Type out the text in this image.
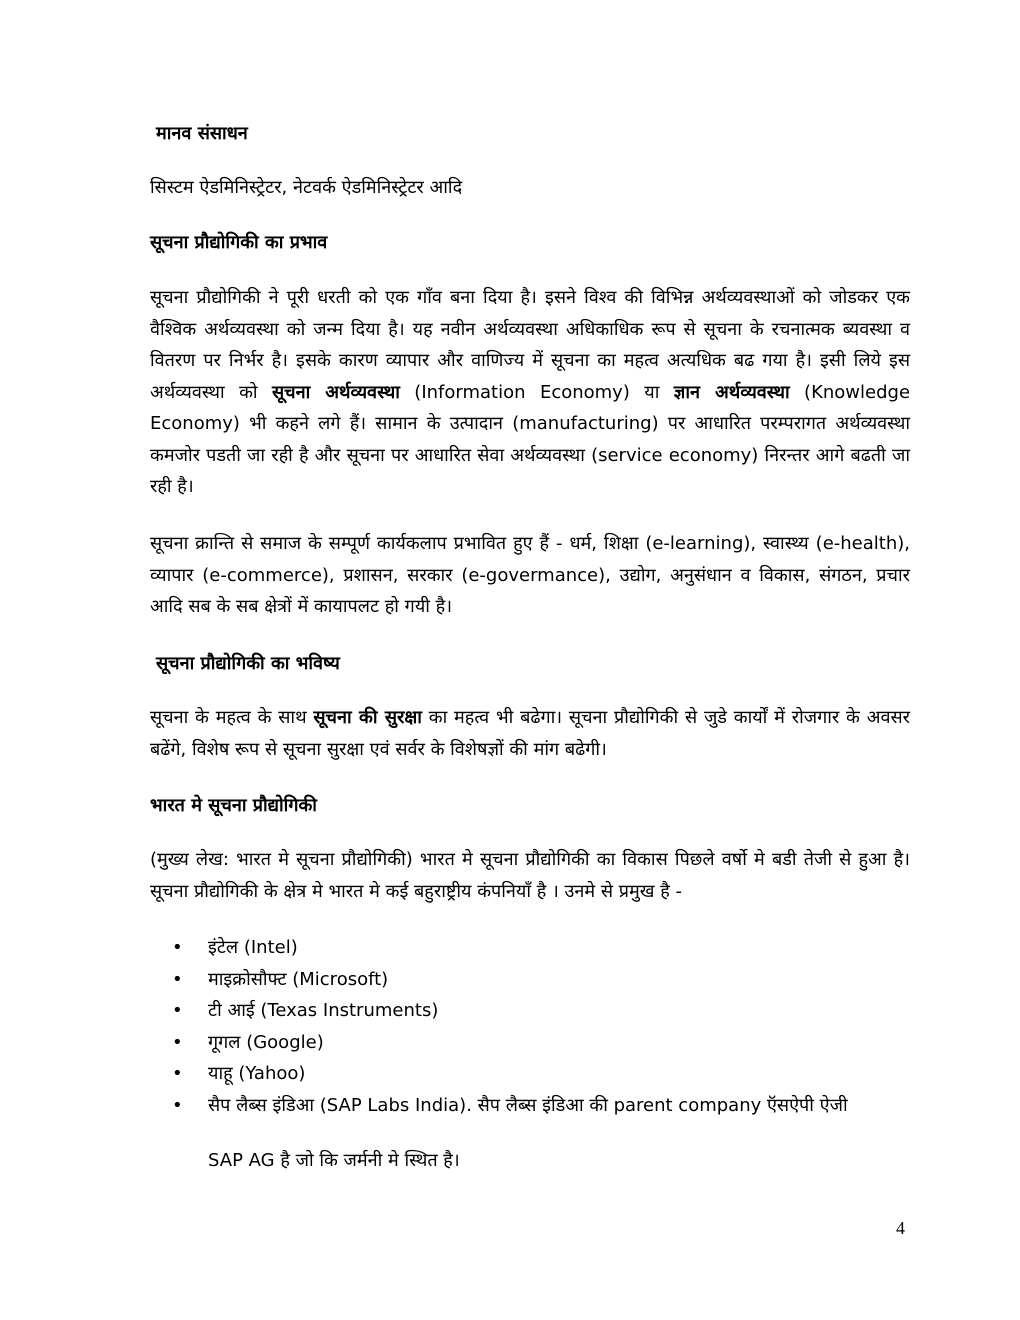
मानव संसाधन
सिस्टम ऐडमिनिस्ट्रेटर, नेटवर्क ऐडमिनिस्ट्रेटर आदि
सूचना प्रौद्योगिकी का प्रभाव
सूचना प्रौद्योगिकी ने पूरी धरती को एक गाँव बना दिया है। इसने विश्व की विभिन्न अर्थव्यवस्थाओं को जोडकर एक वैश्विक अर्थव्यवस्था को जन्म दिया है। यह नवीन अर्थव्यवस्था अधिकाधिक रूप से सूचना के रचनात्मक ब्यवस्था व वितरण पर निर्भर है। इसके कारण व्यापार और वाणिज्य में सूचना का महत्व अत्यधिक बढ गया है। इसी लिये इस अर्थव्यवस्था को सूचना अर्थव्यवस्था (Information Economy) या ज्ञान अर्थव्यवस्था (Knowledge Economy) भी कहने लगे हैं। सामान के उत्पादान (manufacturing) पर आधारित परम्परागत अर्थव्यवस्था कमजोर पडती जा रही है और सूचना पर आधारित सेवा अर्थव्यवस्था (service economy) निरन्तर आगे बढती जा रही है।
सूचना क्रान्ति से समाज के सम्पूर्ण कार्यकलाप प्रभावित हुए हैं - धर्म, शिक्षा (e-learning), स्वास्थ्य (e-health), व्यापार (e-commerce), प्रशासन, सरकार (e-govermance), उद्योग, अनुसंधान व विकास, संगठन, प्रचार आदि सब के सब क्षेत्रों में कायापलट हो गयी है।
सूचना प्रौद्योगिकी का भविष्य
सूचना के महत्व के साथ सूचना की सुरक्षा का महत्व भी बढेगा। सूचना प्रौद्योगिकी से जुडे कार्यों में रोजगार के अवसर बढेंगे, विशेष रूप से सूचना सुरक्षा एवं सर्वर के विशेषज्ञों की मांग बढेगी।
भारत मे सूचना प्रौद्योगिकी
(मुख्य लेख: भारत मे सूचना प्रौद्योगिकी) भारत मे सूचना प्रौद्योगिकी का विकास पिछले वर्षो मे बडी तेजी से हुआ है। सूचना प्रौद्योगिकी के क्षेत्र मे भारत मे कई बहुराष्ट्रीय कंपनियाँ है । उनमे से प्रमुख है -
• इंटेल (Intel)
• माइक्रोसौफ्ट (Microsoft)
• टी आई (Texas Instruments)
• गूगल (Google)
• याहू (Yahoo)
• सैप लैब्स इंडिआ (SAP Labs India). सैप लैब्स इंडिआ की parent company ऍसऐपी ऐजी
SAP AG है जो कि जर्मनी मे स्थित है।
4
